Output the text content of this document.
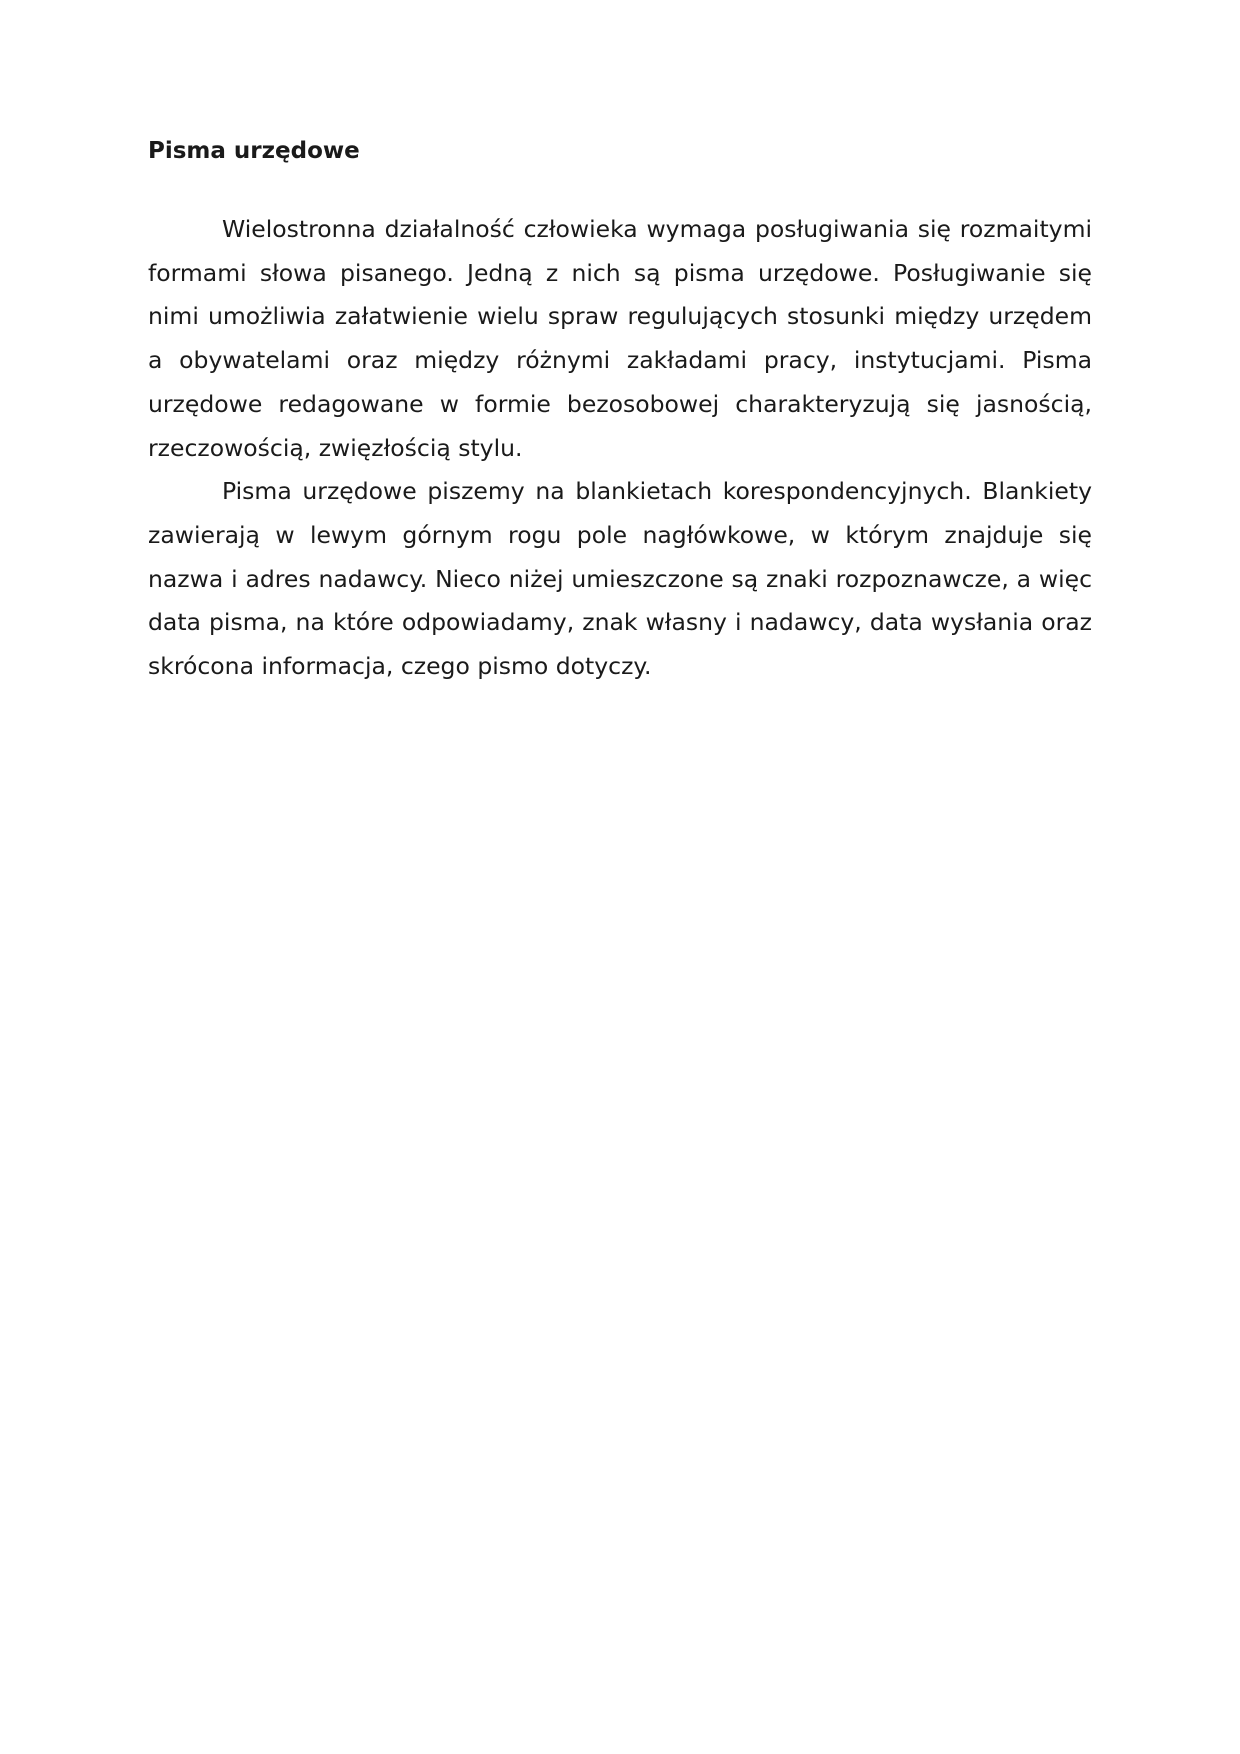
Pisma urzędowe

Wielostronna działalność człowieka wymaga posługiwania się rozmaitymi formami słowa pisanego. Jedną z nich są pisma urzędowe. Posługiwanie się nimi umożliwia załatwienie wielu spraw regulujących stosunki między urzędem a obywatelami oraz między różnymi zakładami pracy, instytucjami. Pisma urzędowe redagowane w formie bezosobowej charakteryzują się jasnością, rzeczowością, zwięzłością stylu.

Pisma urzędowe piszemy na blankietach korespondencyjnych. Blankiety zawierają w lewym górnym rogu pole nagłówkowe, w którym znajduje się nazwa i adres nadawcy. Nieco niżej umieszczone są znaki rozpoznawcze, a więc data pisma, na które odpowiadamy, znak własny i nadawcy, data wysłania oraz skrócona informacja, czego pismo dotyczy.
